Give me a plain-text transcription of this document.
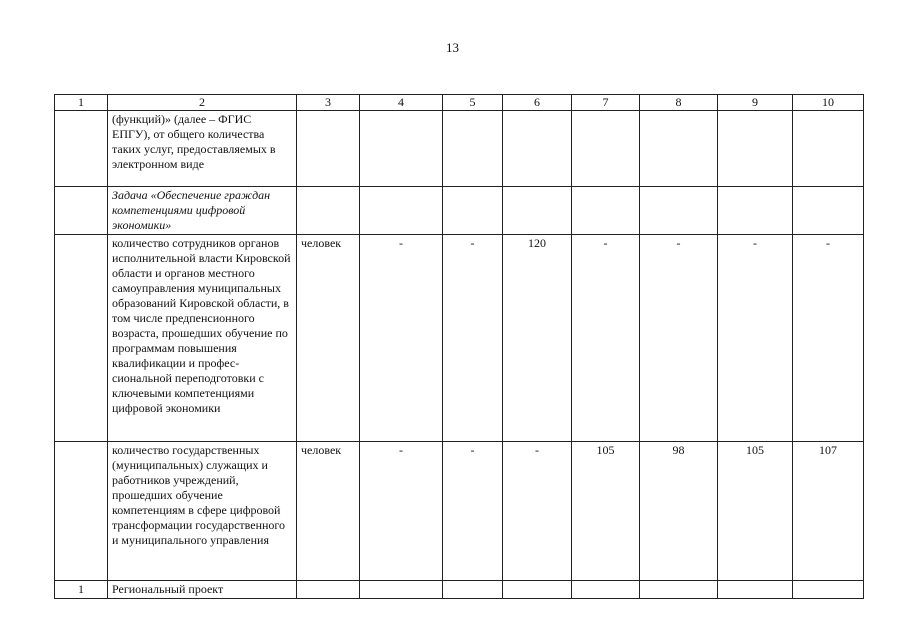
13
1	2	3	4	5	6	7	8	9	10
	(функций)» (далее – ФГИС ЕПГУ), от общего количества таких услуг, предоставляемых в электронном виде								
	Задача «Обеспечение граждан компетенциями цифровой экономики»								
	количество сотрудников органов исполнительной власти Кировской области и органов местного самоуправления муниципальных образований Кировской области, в том числе предпенсионного возраста, прошедших обучение по программам повышения квалификации и профес-сиональной переподготовки с ключевыми компетенциями цифровой экономики	человек	-	-	120	-	-	-	-
	количество государственных (муниципальных) служащих и работников учреждений, прошедших обучение компетенциям в сфере цифровой трансформации государственного и муниципального управления	человек	-	-	-	105	98	105	107
1	Региональный проект								
